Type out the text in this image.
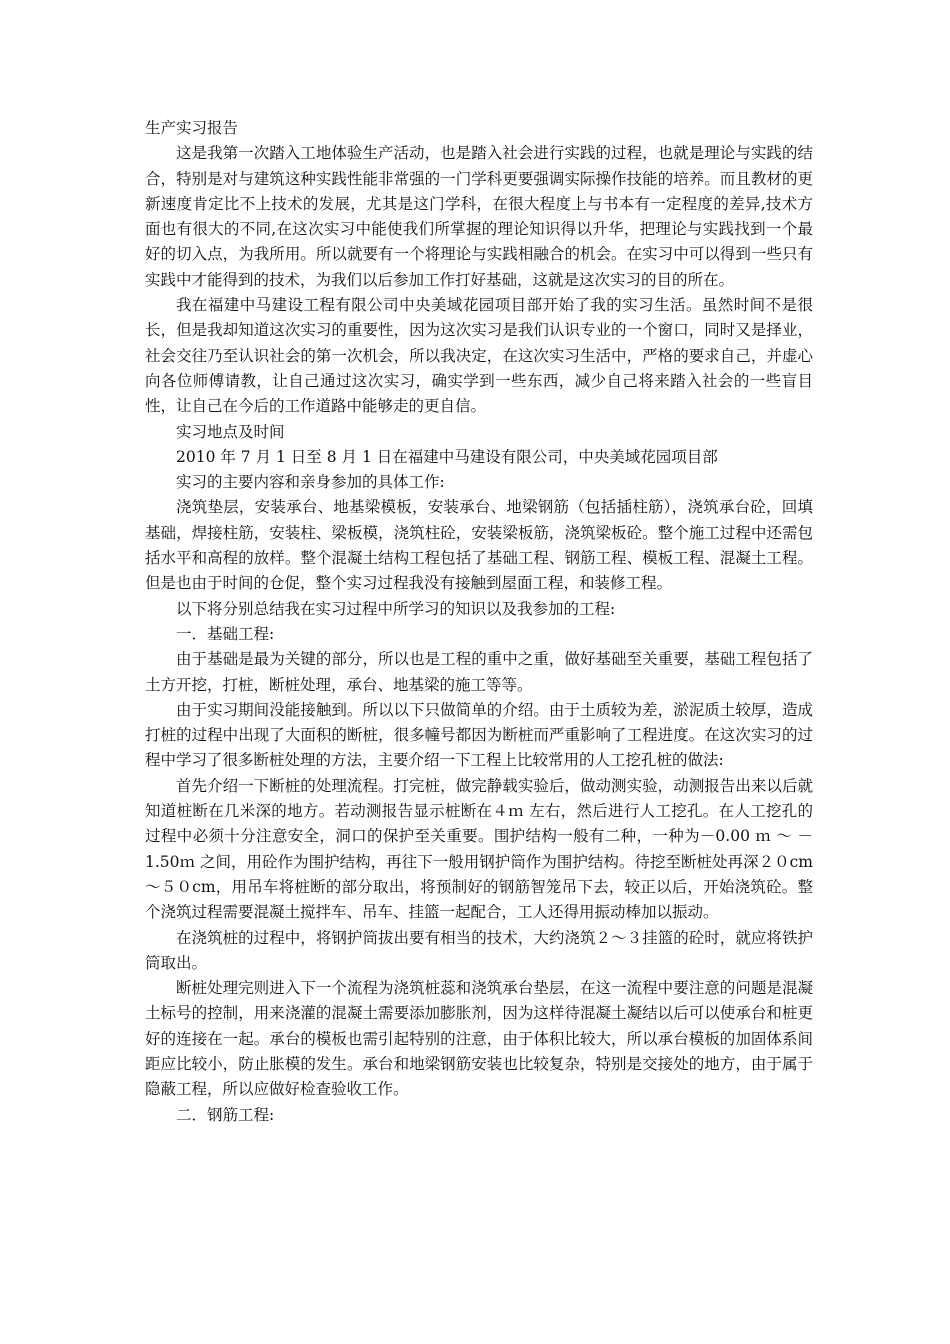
生产实习报告

这是我第一次踏入工地体验生产活动，也是踏入社会进行实践的过程，也就是理论与实践的结合，特别是对与建筑这种实践性能非常强的一门学科更要强调实际操作技能的培养。而且教材的更新速度肯定比不上技术的发展，尤其是这门学科，在很大程度上与书本有一定程度的差异,技术方面也有很大的不同,在这次实习中能使我们所掌握的理论知识得以升华，把理论与实践找到一个最好的切入点，为我所用。所以就要有一个将理论与实践相融合的机会。在实习中可以得到一些只有实践中才能得到的技术，为我们以后参加工作打好基础，这就是这次实习的目的所在。

我在福建中马建设工程有限公司中央美域花园项目部开始了我的实习生活。虽然时间不是很长，但是我却知道这次实习的重要性，因为这次实习是我们认识专业的一个窗口，同时又是择业，社会交往乃至认识社会的第一次机会，所以我决定，在这次实习生活中，严格的要求自己，并虚心向各位师傅请教，让自己通过这次实习，确实学到一些东西，减少自己将来踏入社会的一些盲目性，让自己在今后的工作道路中能够走的更自信。

实习地点及时间

2010 年 7 月 1 日至 8 月 1 日在福建中马建设有限公司，中央美域花园项目部

实习的主要内容和亲身参加的具体工作:

浇筑垫层，安装承台、地基梁模板，安装承台、地梁钢筋（包括插柱筋），浇筑承台砼，回填基础，焊接柱筋，安装柱、梁板模，浇筑柱砼，安装梁板筋，浇筑梁板砼。整个施工过程中还需包括水平和高程的放样。整个混凝土结构工程包括了基础工程、钢筋工程、模板工程、混凝土工程。但是也由于时间的仓促，整个实习过程我没有接触到屋面工程，和装修工程。

以下将分别总结我在实习过程中所学习的知识以及我参加的工程:

一．基础工程:

由于基础是最为关键的部分，所以也是工程的重中之重，做好基础至关重要，基础工程包括了土方开挖，打桩，断桩处理，承台、地基梁的施工等等。

由于实习期间没能接触到。所以以下只做简单的介绍。由于土质较为差，淤泥质土较厚，造成打桩的过程中出现了大面积的断桩，很多幢号都因为断桩而严重影响了工程进度。在这次实习的过程中学习了很多断桩处理的方法，主要介绍一下工程上比较常用的人工挖孔桩的做法:

首先介绍一下断桩的处理流程。打完桩，做完静载实验后，做动测实验，动测报告出来以后就知道桩断在几米深的地方。若动测报告显示桩断在４ｍ 左右，然后进行人工挖孔。在人工挖孔的过程中必须十分注意安全，洞口的保护至关重要。围护结构一般有二种，一种为－0.00 ｍ ～ －1.50ｍ 之间，用砼作为围护结构，再往下一般用钢护筒作为围护结构。待挖至断桩处再深２０cm～５０cm，用吊车将桩断的部分取出，将预制好的钢筋智笼吊下去，较正以后，开始浇筑砼。整个浇筑过程需要混凝土搅拌车、吊车、挂篮一起配合，工人还得用振动棒加以振动。

在浇筑桩的过程中，将钢护筒拔出要有相当的技术，大约浇筑２～３挂篮的砼时，就应将铁护筒取出。

断桩处理完则进入下一个流程为浇筑桩蕊和浇筑承台垫层，在这一流程中要注意的问题是混凝土标号的控制，用来浇灌的混凝土需要添加膨胀剂，因为这样待混凝土凝结以后可以使承台和桩更好的连接在一起。承台的模板也需引起特别的注意，由于体积比较大，所以承台模板的加固体系间距应比较小，防止胀模的发生。承台和地梁钢筋安装也比较复杂，特别是交接处的地方，由于属于隐蔽工程，所以应做好检查验收工作。

二．钢筋工程:
